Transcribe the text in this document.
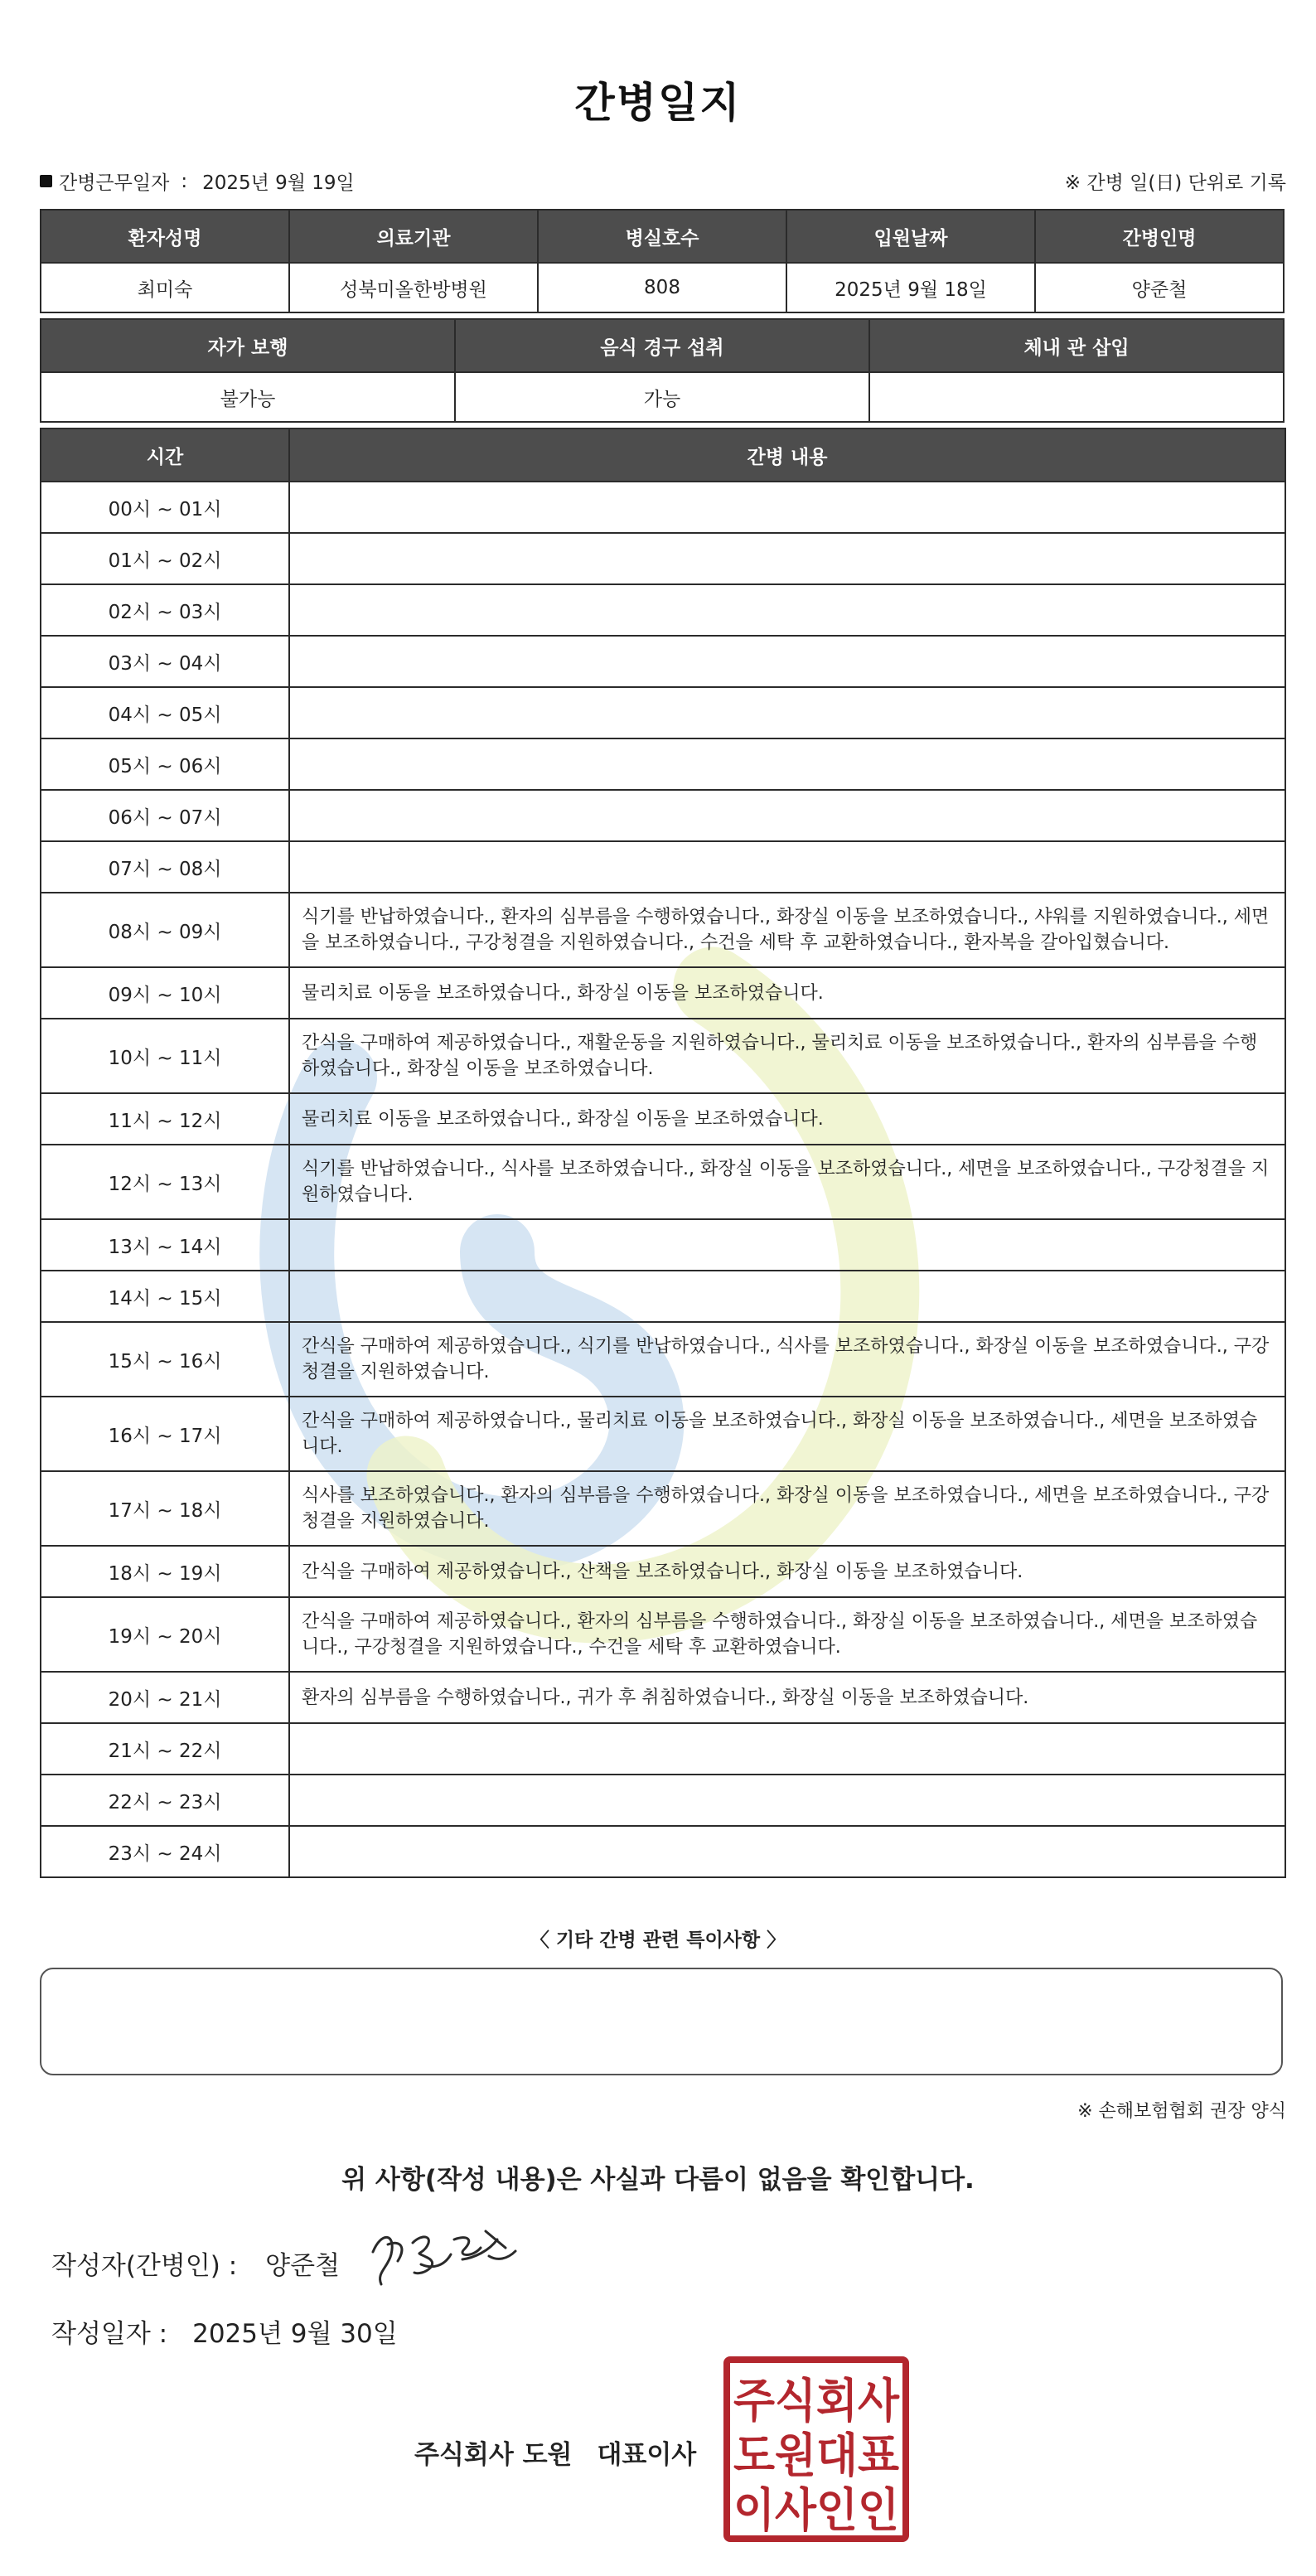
간병일지
간병근무일자 : 2025년 9월 19일	※ 간병 일(日) 단위로 기록
환자성명	의료기관	병실호수	입원날짜	간병인명
최미숙	성북미올한방병원	808	2025년 9월 18일	양준철
자가 보행	음식 경구 섭취	체내 관 삽입
불가능	가능	
시간	간병 내용
00시 ~ 01시	
01시 ~ 02시	
02시 ~ 03시	
03시 ~ 04시	
04시 ~ 05시	
05시 ~ 06시	
06시 ~ 07시	
07시 ~ 08시	
08시 ~ 09시	식기를 반납하였습니다., 환자의 심부름을 수행하였습니다., 화장실 이동을 보조하였습니다., 샤워를 지원하였습니다., 세면을 보조하였습니다., 구강청결을 지원하였습니다., 수건을 세탁 후 교환하였습니다., 환자복을 갈아입혔습니다.
09시 ~ 10시	물리치료 이동을 보조하였습니다., 화장실 이동을 보조하였습니다.
10시 ~ 11시	간식을 구매하여 제공하였습니다., 재활운동을 지원하였습니다., 물리치료 이동을 보조하였습니다., 환자의 심부름을 수행하였습니다., 화장실 이동을 보조하였습니다.
11시 ~ 12시	물리치료 이동을 보조하였습니다., 화장실 이동을 보조하였습니다.
12시 ~ 13시	식기를 반납하였습니다., 식사를 보조하였습니다., 화장실 이동을 보조하였습니다., 세면을 보조하였습니다., 구강청결을 지원하였습니다.
13시 ~ 14시	
14시 ~ 15시	
15시 ~ 16시	간식을 구매하여 제공하였습니다., 식기를 반납하였습니다., 식사를 보조하였습니다., 화장실 이동을 보조하였습니다., 구강청결을 지원하였습니다.
16시 ~ 17시	간식을 구매하여 제공하였습니다., 물리치료 이동을 보조하였습니다., 화장실 이동을 보조하였습니다., 세면을 보조하였습니다.
17시 ~ 18시	식사를 보조하였습니다., 환자의 심부름을 수행하였습니다., 화장실 이동을 보조하였습니다., 세면을 보조하였습니다., 구강청결을 지원하였습니다.
18시 ~ 19시	간식을 구매하여 제공하였습니다., 산책을 보조하였습니다., 화장실 이동을 보조하였습니다.
19시 ~ 20시	간식을 구매하여 제공하였습니다., 환자의 심부름을 수행하였습니다., 화장실 이동을 보조하였습니다., 세면을 보조하였습니다., 구강청결을 지원하였습니다., 수건을 세탁 후 교환하였습니다.
20시 ~ 21시	환자의 심부름을 수행하였습니다., 귀가 후 취침하였습니다., 화장실 이동을 보조하였습니다.
21시 ~ 22시	
22시 ~ 23시	
23시 ~ 24시	
〈 기타 간병 관련 특이사항 〉
※ 손해보험협회 권장 양식
위 사항(작성 내용)은 사실과 다름이 없음을 확인합니다.
작성자(간병인) : 양준철
작성일자 : 2025년 9월 30일
주식회사 도원 대표이사
주식회사
도원대표
이사인인
